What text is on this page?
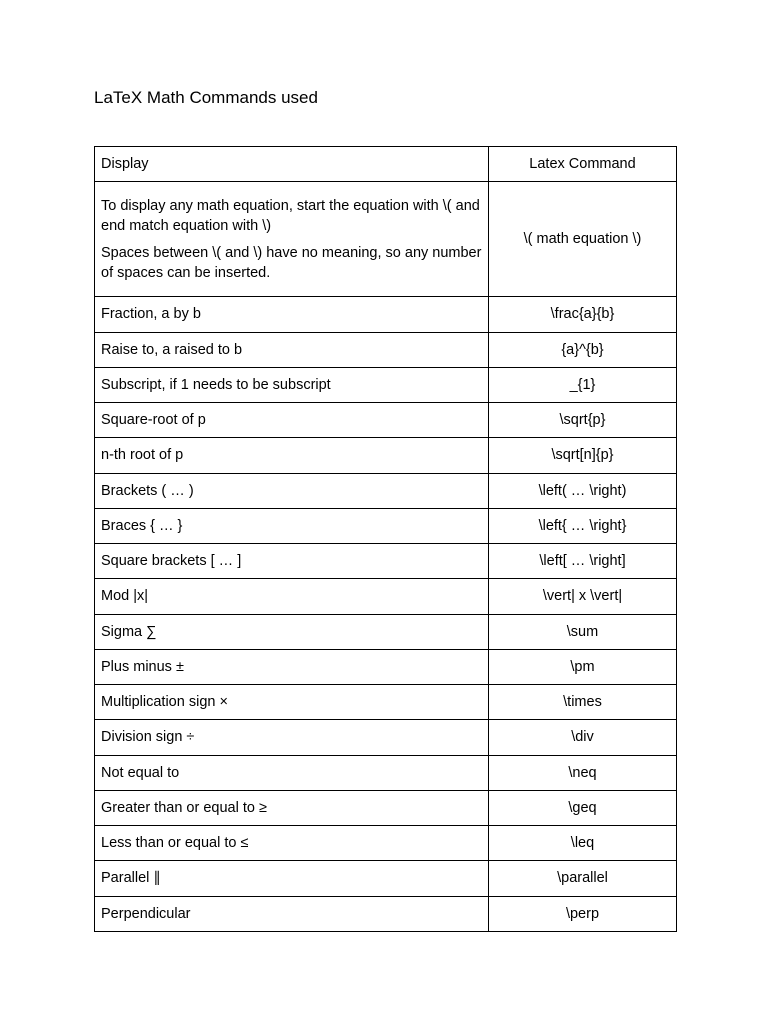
LaTeX Math Commands used
Display	Latex Command

To display any math equation, start the equation with \( and end match equation with \)

Spaces between \( and \) have no meaning, so any number of spaces can be inserted.	\( math equation \)
Fraction, a by b	\frac{a}{b}
Raise to, a raised to b	{a}^{b}
Subscript, if 1 needs to be subscript	_{1}
Square-root of p	\sqrt{p}
n-th root of p	\sqrt[n]{p}
Brackets ( … )	\left( … \right)
Braces { … }	\left{ … \right}
Square brackets [ … ]	\left[ … \right]
Mod |x|	\vert| x \vert|
Sigma ∑	\sum
Plus minus ±	\pm
Multiplication sign ×	\times
Division sign ÷	\div
Not equal to	\neq
Greater than or equal to ≥	\geq
Less than or equal to ≤	\leq
Parallel ∥	\parallel
Perpendicular	\perp
